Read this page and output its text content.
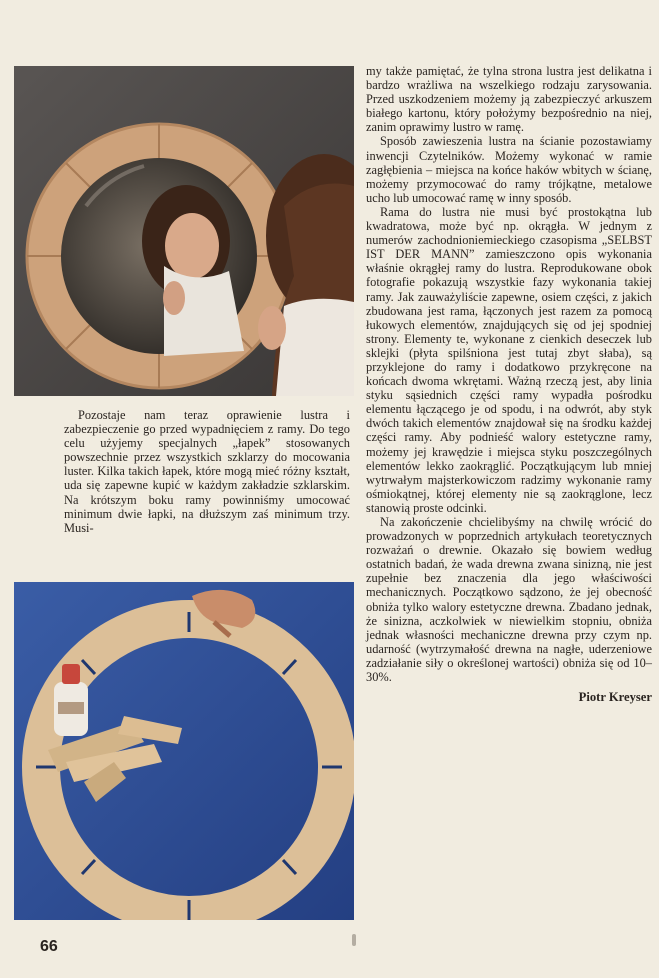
Pozostaje nam teraz oprawienie lustra i zabezpieczenie go przed wypadnięciem z ramy. Do tego celu użyjemy specjalnych „łapek” stosowanych powszechnie przez wszystkich szklarzy do mocowania luster. Kilka takich łapek, które mogą mieć różny kształt, uda się zapewne kupić w każdym zakładzie szklarskim. Na krótszym boku ramy powinniśmy umocować minimum dwie łapki, na dłuższym zaś minimum trzy. Musi-

my także pamiętać, że tylna strona lustra jest delikatna i bardzo wrażliwa na wszelkiego rodzaju zarysowania. Przed uszkodzeniem możemy ją zabezpieczyć arkuszem białego kartonu, który położymy bezpośrednio na niej, zanim oprawimy lustro w ramę.

Sposób zawieszenia lustra na ścianie pozostawiamy inwencji Czytelników. Możemy wykonać w ramie zagłębienia – miejsca na końce haków wbitych w ścianę, możemy przymocować do ramy trójkątne, metalowe ucho lub umocować ramę w inny sposób.

Rama do lustra nie musi być prostokątna lub kwadratowa, może być np. okrągła. W jednym z numerów zachodnioniemieckiego czasopisma „SELBST IST DER MANN” zamieszczono opis wykonania właśnie okrągłej ramy do lustra. Reprodukowane obok fotografie pokazują wszystkie fazy wykonania takiej ramy. Jak zauważyliście zapewne, osiem części, z jakich zbudowana jest rama, łączonych jest razem za pomocą łukowych elementów, znajdujących się od jej spodniej strony. Elementy te, wykonane z cienkich deseczek lub sklejki (płyta spilśniona jest tutaj zbyt słaba), są przyklejone do ramy i dodatkowo przykręcone na końcach dwoma wkrętami. Ważną rzeczą jest, aby linia styku sąsiednich części ramy wypadła pośrodku elementu łączącego je od spodu, i na odwrót, aby styk dwóch takich elementów znajdował się na środku każdej części ramy. Aby podnieść walory estetyczne ramy, możemy jej krawędzie i miejsca styku poszczególnych elementów lekko zaokrąglić. Początkującym lub mniej wytrwałym majsterkowiczom radzimy wykonanie ramy ośmiokątnej, której elementy nie są zaokrąglone, lecz stanowią proste odcinki.

Na zakończenie chcielibyśmy na chwilę wrócić do prowadzonych w poprzednich artykułach teoretycznych rozważań o drewnie. Okazało się bowiem według ostatnich badań, że wada drewna zwana sinizną, nie jest zupełnie bez znaczenia dla jego właściwości mechanicznych. Początkowo sądzono, że jej obecność obniża tylko walory estetyczne drewna. Zbadano jednak, że sinizna, aczkolwiek w niewielkim stopniu, obniża jednak własności mechaniczne drewna przy czym np. udarność (wytrzymałość drewna na nagłe, uderzeniowe zadziałanie siły o określonej wartości) obniża się od 10–30%.

Piotr Kreyser
66
